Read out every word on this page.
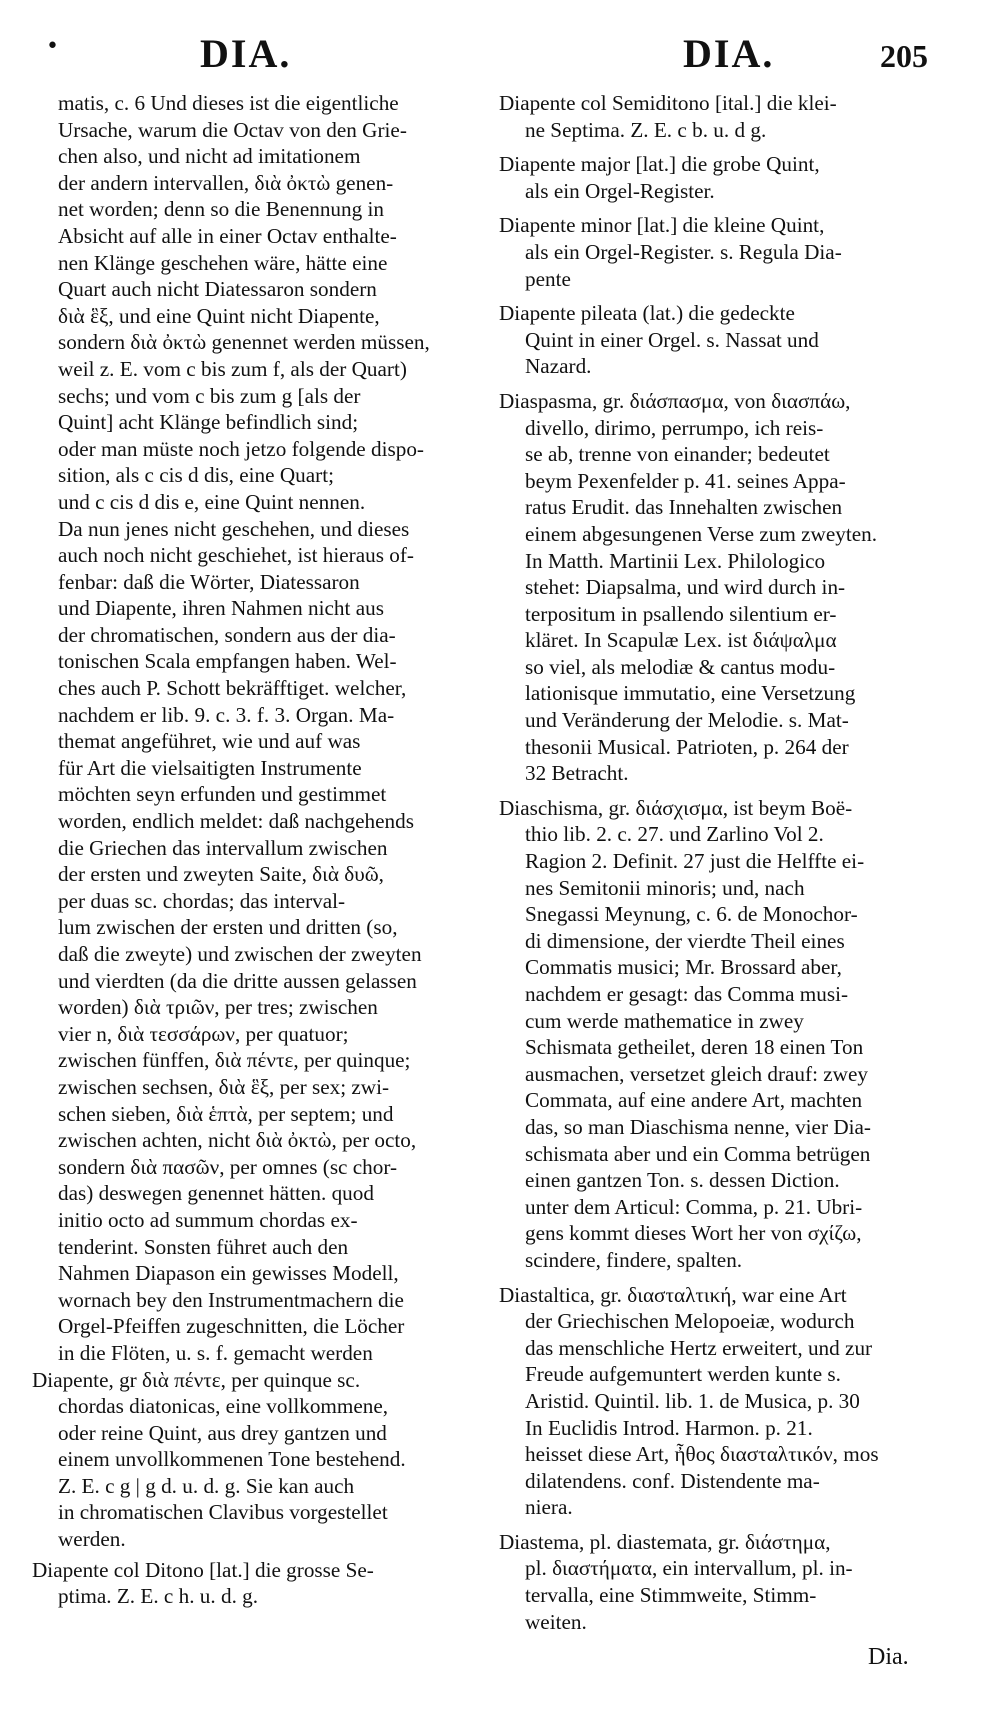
•	DIA.	DIA.	205
matis, c. 6 Und dieses ist die eigentliche
Ursache, warum die Octav von den Grie-
chen also, und nicht ad imitationem
der andern intervallen, διὰ ὀκτὼ genen-
net worden; denn so die Benennung in
Absicht auf alle in einer Octav enthalte-
nen Klänge geschehen wäre, hätte eine
Quart auch nicht Diatessaron sondern
διὰ ἓξ, und eine Quint nicht Diapente,
sondern διὰ ὀκτὼ genennet werden müssen,
weil z. E. vom c bis zum f, als der Quart)
sechs; und vom c bis zum g [als der
Quint] acht Klänge befindlich sind;
oder man müste noch jetzo folgende dispo-
sition, als c cis d dis, eine Quart;
und c cis d dis e, eine Quint nennen.
Da nun jenes nicht geschehen, und dieses
auch noch nicht geschiehet, ist hieraus of-
fenbar: daß die Wörter, Diatessaron
und Diapente, ihren Nahmen nicht aus
der chromatischen, sondern aus der dia-
tonischen Scala empfangen haben. Wel-
ches auch P. Schott bekräfftiget. welcher,
nachdem er lib. 9. c. 3. f. 3. Organ. Ma-
themat angeführet, wie und auf was
für Art die vielsaitigten Instrumente
möchten seyn erfunden und gestimmet
worden, endlich meldet: daß nachgehends
die Griechen das intervallum zwischen
der ersten und zweyten Saite, διὰ δυῶ,
per duas sc. chordas; das interval-
lum zwischen der ersten und dritten (so,
daß die zweyte) und zwischen der zweyten
und vierdten (da die dritte aussen gelassen
worden) διὰ τριῶν, per tres; zwischen
vier n, διὰ τεσσάρων, per quatuor;
zwischen fünffen, διὰ πέντε, per quinque;
zwischen sechsen, διὰ ἓξ, per sex; zwi-
schen sieben, διὰ ἑπτὰ, per septem; und
zwischen achten, nicht διὰ ὀκτὼ, per octo,
sondern διὰ πασῶν, per omnes (sc chor-
das) deswegen genennet hätten. quod
initio octo ad summum chordas ex-
tenderint. Sonsten führet auch den
Nahmen Diapason ein gewisses Modell,
wornach bey den Instrumentmachern die
Orgel-Pfeiffen zugeschnitten, die Löcher
in die Flöten, u. s. f. gemacht werden
Diapente, gr διὰ πέντε, per quinque sc.
chordas diatonicas, eine vollkommene,
oder reine Quint, aus drey gantzen und
einem unvollkommenen Tone bestehend.
Z. E. c g | g d. u. d. g. Sie kan auch
in chromatischen Clavibus vorgestellet
werden.
Diapente col Ditono [lat.] die grosse Se-
ptima. Z. E. c h. u. d. g.
Diapente col Semiditono [ital.] die klei-
ne Septima. Z. E. c b. u. d g.
Diapente major [lat.] die grobe Quint,
als ein Orgel-Register.
Diapente minor [lat.] die kleine Quint,
als ein Orgel-Register. s. Regula Dia-
pente
Diapente pileata (lat.) die gedeckte
Quint in einer Orgel. s. Nassat und
Nazard.
Diaspasma, gr. διάσπασμα, von διασπάω,
divello, dirimo, perrumpo, ich reis-
se ab, trenne von einander; bedeutet
beym Pexenfelder p. 41. seines Appa-
ratus Erudit. das Innehalten zwischen
einem abgesungenen Verse zum zweyten.
In Matth. Martinii Lex. Philologico
stehet: Diapsalma, und wird durch in-
terpositum in psallendo silentium er-
kläret. In Scapulæ Lex. ist διάψαλμα
so viel, als melodiæ & cantus modu-
lationisque immutatio, eine Versetzung
und Veränderung der Melodie. s. Mat-
thesonii Musical. Patrioten, p. 264 der
32 Betracht.
Diaschisma, gr. διάσχισμα, ist beym Boë-
thio lib. 2. c. 27. und Zarlino Vol 2.
Ragion 2. Definit. 27 just die Helffte ei-
nes Semitonii minoris; und, nach
Snegassi Meynung, c. 6. de Monochor-
di dimensione, der vierdte Theil eines
Commatis musici; Mr. Brossard aber,
nachdem er gesagt: das Comma musi-
cum werde mathematice in zwey
Schismata getheilet, deren 18 einen Ton
ausmachen, versetzet gleich drauf: zwey
Commata, auf eine andere Art, machten
das, so man Diaschisma nenne, vier Dia-
schismata aber und ein Comma betrügen
einen gantzen Ton. s. dessen Diction.
unter dem Articul: Comma, p. 21. Ubri-
gens kommt dieses Wort her von σχίζω,
scindere, findere, spalten.
Diastaltica, gr. διασταλτική, war eine Art
der Griechischen Melopoeiæ, wodurch
das menschliche Hertz erweitert, und zur
Freude aufgemuntert werden kunte s.
Aristid. Quintil. lib. 1. de Musica, p. 30
In Euclidis Introd. Harmon. p. 21.
heisset diese Art, ἦθος διασταλτικόν, mos
dilatendens. conf. Distendente ma-
niera.
Diastema, pl. diastemata, gr. διάστημα,
pl. διαστήματα, ein intervallum, pl. in-
tervalla, eine Stimmweite, Stimm-
weiten.
Dia.
